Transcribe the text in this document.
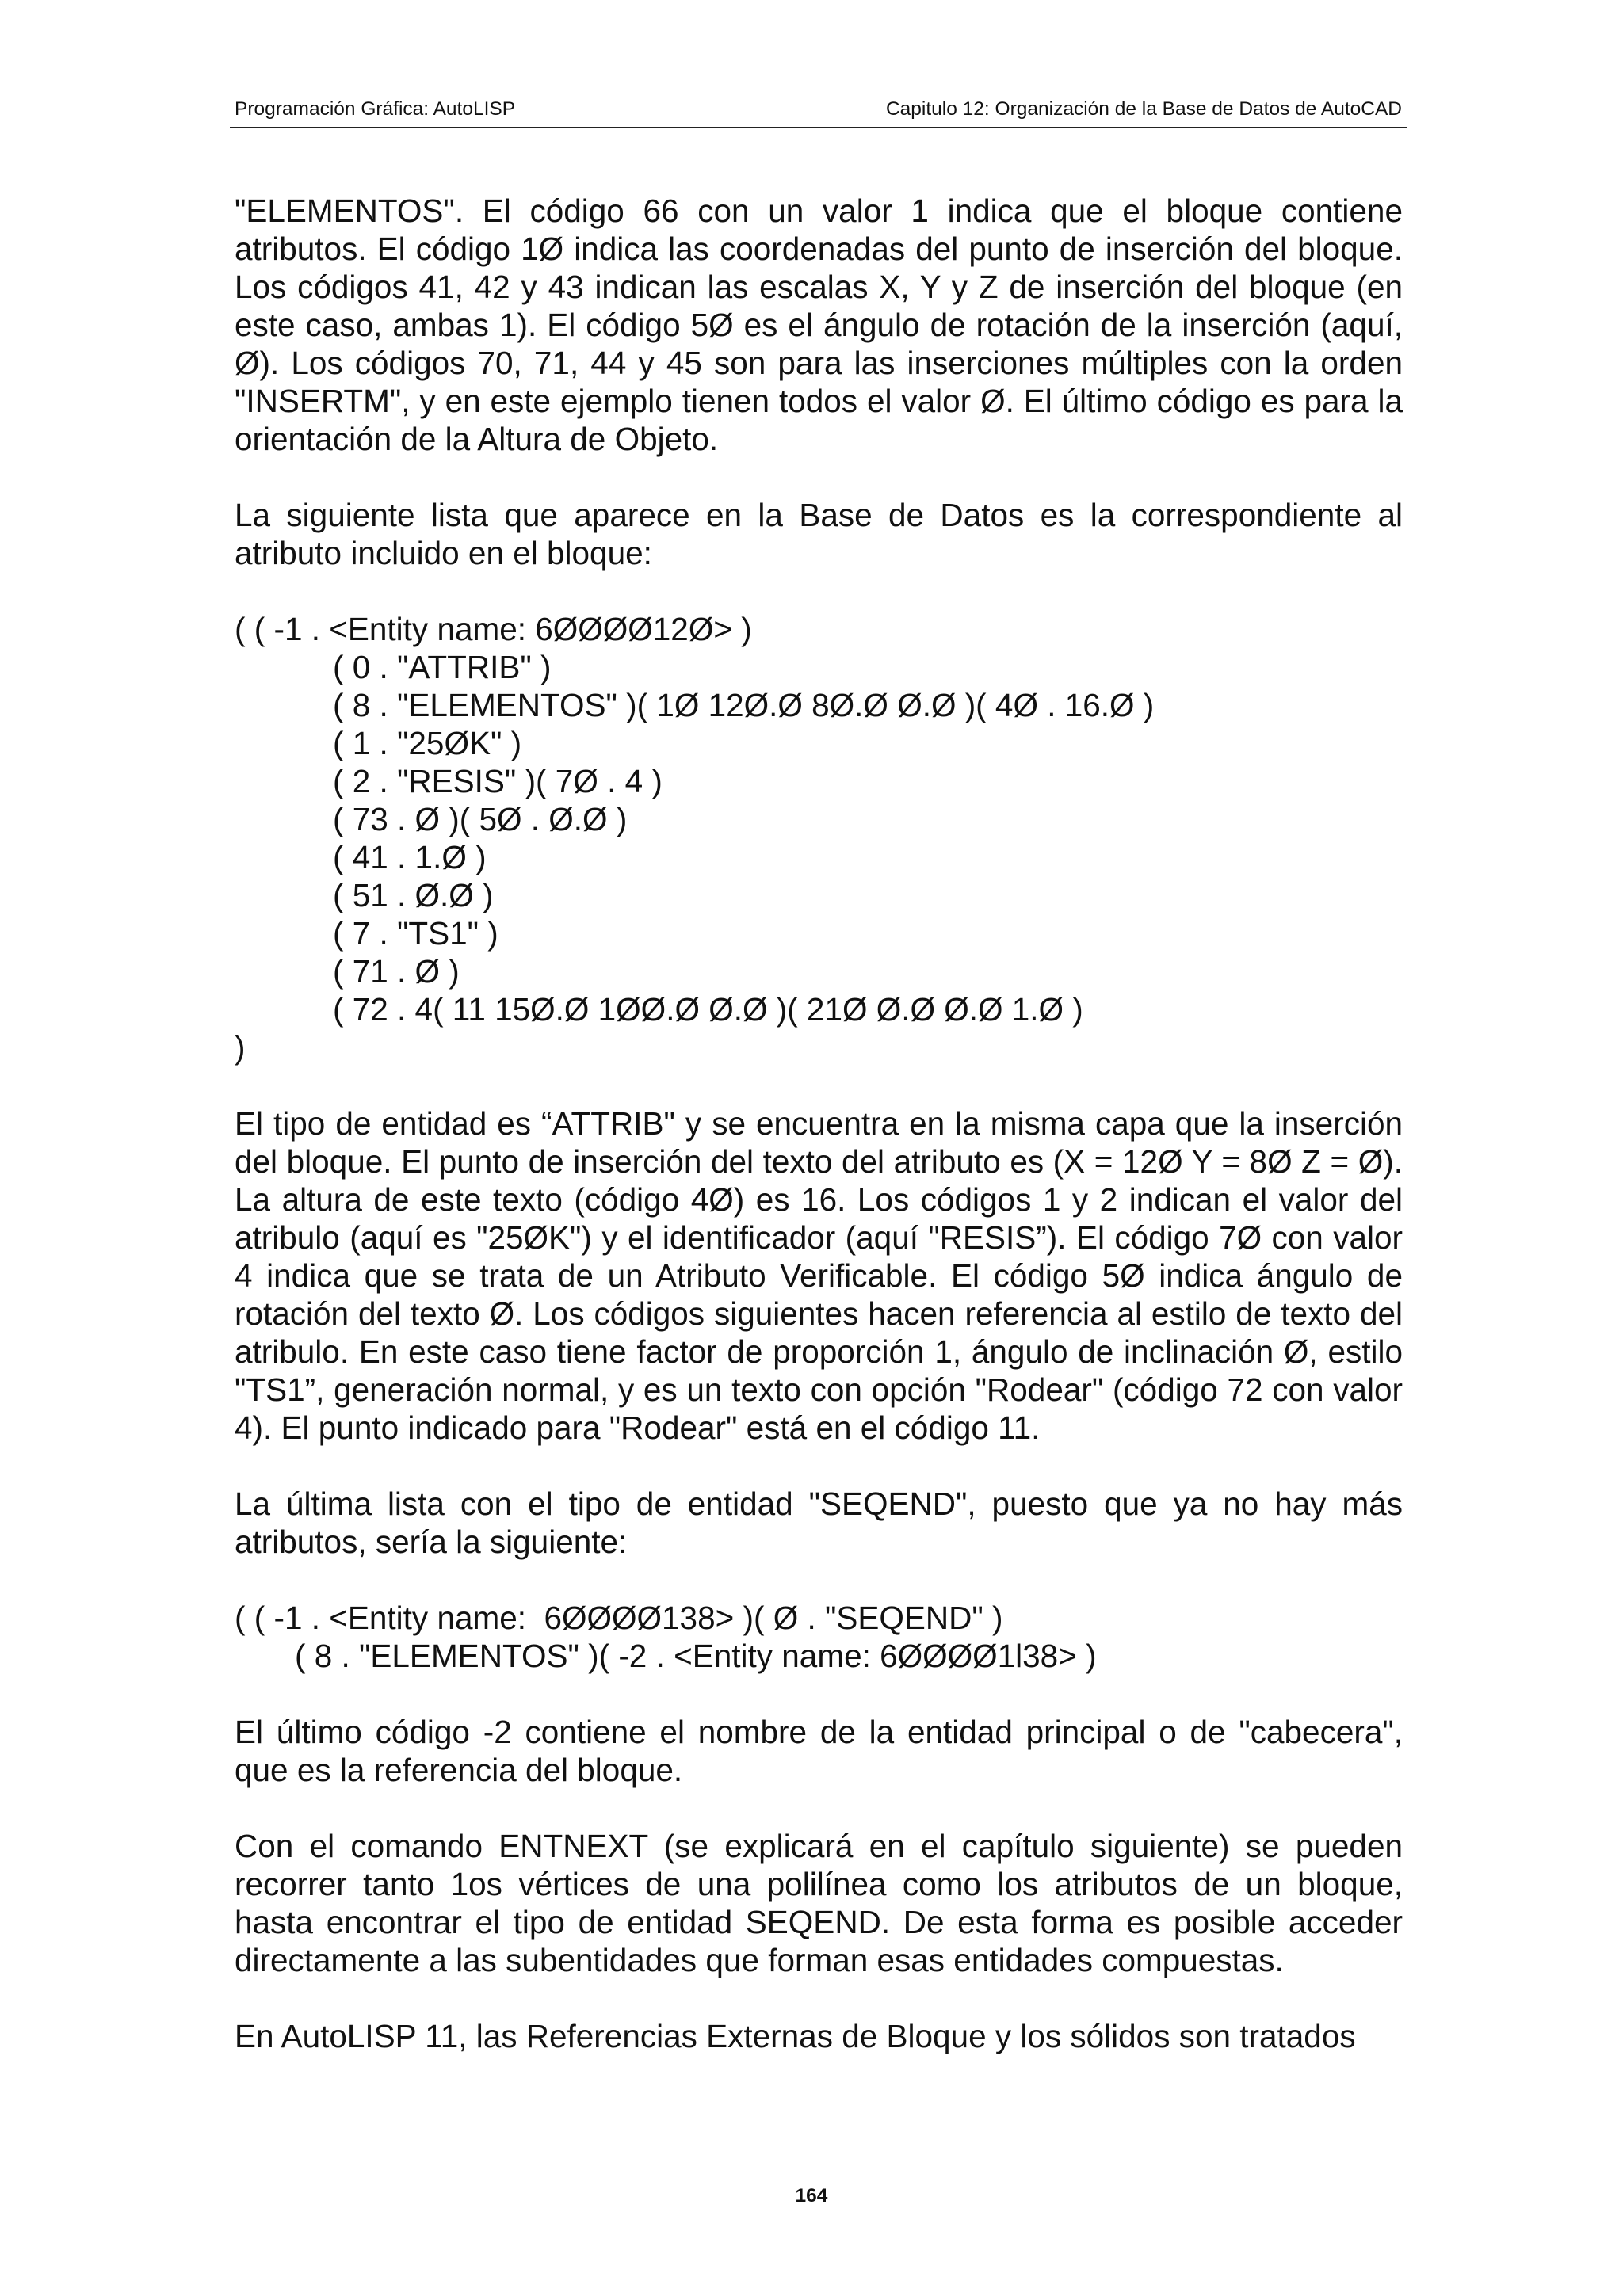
Programación Gráfica: AutoLISP	Capitulo 12: Organización de la Base de Datos de AutoCAD

"ELEMENTOS". El código 66 con un valor 1 indica que el bloque contiene atributos. El código 1Ø indica las coordenadas del punto de inserción del bloque. Los códigos 41, 42 y 43 indican las escalas X, Y y Z de inserción del bloque (en este caso, ambas 1). El código 5Ø es el ángulo de rotación de la inserción (aquí, Ø). Los códigos 70, 71, 44 y 45 son para las inserciones múltiples con la orden "INSERTM", y en este ejemplo tienen todos el valor Ø. El último código es para la orientación de la Altura de Objeto.

La siguiente lista que aparece en la Base de Datos es la correspondiente al atributo incluido en el bloque:

( ( -1 . <Entity name: 6ØØØØ12Ø> )
( 0 . "ATTRIB" )
( 8 . "ELEMENTOS" )( 1Ø 12Ø.Ø 8Ø.Ø Ø.Ø )( 4Ø . 16.Ø )
( 1 . "25ØK" )
( 2 . "RESIS" )( 7Ø . 4 )
( 73 . Ø )( 5Ø . Ø.Ø )
( 41 . 1.Ø )
( 51 . Ø.Ø )
( 7 . "TS1" )
( 71 . Ø )
( 72 . 4( 11 15Ø.Ø 1ØØ.Ø Ø.Ø )( 21Ø Ø.Ø Ø.Ø 1.Ø )
)

El tipo de entidad es “ATTRIB" y se encuentra en la misma capa que la inserción del bloque. El punto de inserción del texto del atributo es (X = 12Ø Y = 8Ø Z = Ø). La altura de este texto (código 4Ø) es 16. Los códigos 1 y 2 indican el valor del atribulo (aquí es "25ØK") y el identificador (aquí "RESIS”). El código 7Ø con valor 4 indica que se trata de un Atributo Verificable. El código 5Ø indica ángulo de rotación del texto Ø. Los códigos siguientes hacen referencia al estilo de texto del atribulo. En este caso tiene factor de proporción 1, ángulo de inclinación Ø, estilo "TS1”, generación normal, y es un texto con opción "Rodear" (código 72 con valor 4). El punto indicado para "Rodear" está en el código 11.

La última lista con el tipo de entidad "SEQEND", puesto que ya no hay más atributos, sería la siguiente:

( ( -1 . <Entity name:  6ØØØØ138> )( Ø . "SEQEND" )
( 8 . "ELEMENTOS" )( -2 . <Entity name: 6ØØØØ1l38> )

El último código -2 contiene el nombre de la entidad principal o de "cabecera", que es la referencia del bloque.

Con el comando ENTNEXT (se explicará en el capítulo siguiente) se pueden recorrer tanto 1os vértices de una polilínea como los atributos de un bloque, hasta encontrar el tipo de entidad SEQEND. De esta forma es posible acceder directamente a las subentidades que forman esas entidades compuestas.

En AutoLISP 11, las Referencias Externas de Bloque y los sólidos son tratados

164
